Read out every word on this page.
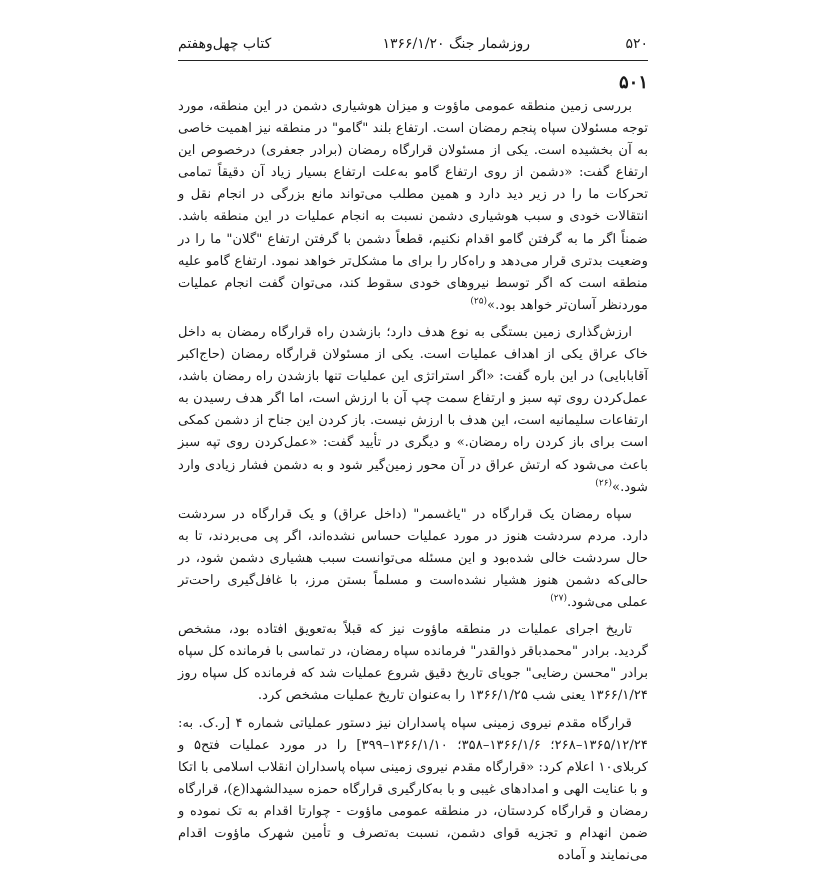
۵۲۰
روزشمار جنگ ۱۳۶۶/۱/۲۰
کتاب چهل‌وهفتم
۵۰۱

بررسی زمین منطقه عمومی ماؤوت و میزان هوشیاری دشمن در این منطقه، مورد توجه مسئولان سپاه پنجم رمضان است. ارتفاع بلند "گامو" در منطقه نیز اهمیت خاصی به آن بخشیده است. یکی از مسئولان قرارگاه رمضان (برادر جعفری) درخصوص این ارتفاع گفت: «دشمن از روی ارتفاع گامو به‌علت ارتفاع بسیار زیاد آن دقیقاً تمامی تحرکات ما را در زیر دید دارد و همین مطلب می‌تواند مانع بزرگی در انجام نقل و انتقالات خودی و سبب هوشیاری دشمن نسبت به انجام عملیات در این منطقه باشد. ضمناً اگر ما به گرفتن گامو اقدام نکنیم، قطعاً دشمن با گرفتن ارتفاع "گلان" ما را در وضعیت بدتری قرار می‌دهد و راه‌کار را برای ما مشکل‌تر خواهد نمود. ارتفاع گامو علیه منطقه است که اگر توسط نیروهای خودی سقوط کند، می‌توان گفت انجام عملیات موردنظر آسان‌تر خواهد بود.»$^{(۲۵)}$

ارزش‌گذاری زمین بستگی به نوع هدف دارد؛ بازشدن راه قرارگاه رمضان به داخل خاک عراق یکی از اهداف عملیات است. یکی از مسئولان قرارگاه رمضان (حاج‌اکبر آقابابایی) در این باره گفت: «اگر استراتژی این عملیات تنها بازشدن راه رمضان باشد، عمل‌کردن روی تپه سبز و ارتفاع سمت چپ آن با ارزش است، اما اگر هدف رسیدن به ارتفاعات سلیمانیه است، این هدف با ارزش نیست. باز کردن این جناح از دشمن کمکی است برای باز کردن راه رمضان.» و دیگری در تأیید گفت: «عمل‌کردن روی تپه سبز باعث می‌شود که ارتش عراق در آن محور زمین‌گیر شود و به دشمن فشار زیادی وارد شود.»$^{(۲۶)}$

سپاه رمضان یک قرارگاه در "یاغسمر" (داخل عراق) و یک قرارگاه در سردشت دارد. مردم سردشت هنوز در مورد عملیات حساس نشده‌اند، اگر پی می‌بردند، تا به حال سردشت خالی شده‌بود و این مسئله می‌توانست سبب هشیاری دشمن شود، در حالی‌که دشمن هنوز هشیار نشده‌است و مسلماً بستن مرز، با غافل‌گیری راحت‌تر عملی می‌شود.$^{(۲۷)}$

تاریخ اجرای عملیات در منطقه ماؤوت نیز که قبلاً به‌تعویق افتاده بود، مشخص گردید. برادر "محمدباقر ذوالقدر" فرمانده سپاه رمضان، در تماسی با فرمانده کل سپاه برادر "محسن رضایی" جویای تاریخ دقیق شروع عملیات شد که فرمانده کل سپاه روز ۱۳۶۶/۱/۲۴ یعنی شب ۱۳۶۶/۱/۲۵ را به‌عنوان تاریخ عملیات مشخص کرد.

قرارگاه مقدم نیروی زمینی سپاه پاسداران نیز دستور عملیاتی شماره ۴ [ر.ک. به: ۱۳۶۵/۱۲/۲۴–۲۶۸؛ ۱۳۶۶/۱/۶–۳۵۸؛ ۱۳۶۶/۱/۱۰–۳۹۹] را در مورد عملیات فتح۵ و کربلای۱۰ اعلام کرد: «قرارگاه مقدم نیروی زمینی سپاه پاسداران انقلاب اسلامی با اتکا و با عنایت الهی و امدادهای غیبی و با به‌کارگیری قرارگاه حمزه سیدالشهدا(ع)، قرارگاه رمضان و قرارگاه کردستان، در منطقه عمومی ماؤوت - چوارتا اقدام به تک نموده و ضمن انهدام و تجزیه قوای دشمن، نسبت به‌تصرف و تأمین شهرک ماؤوت اقدام می‌نمایند و آماده
